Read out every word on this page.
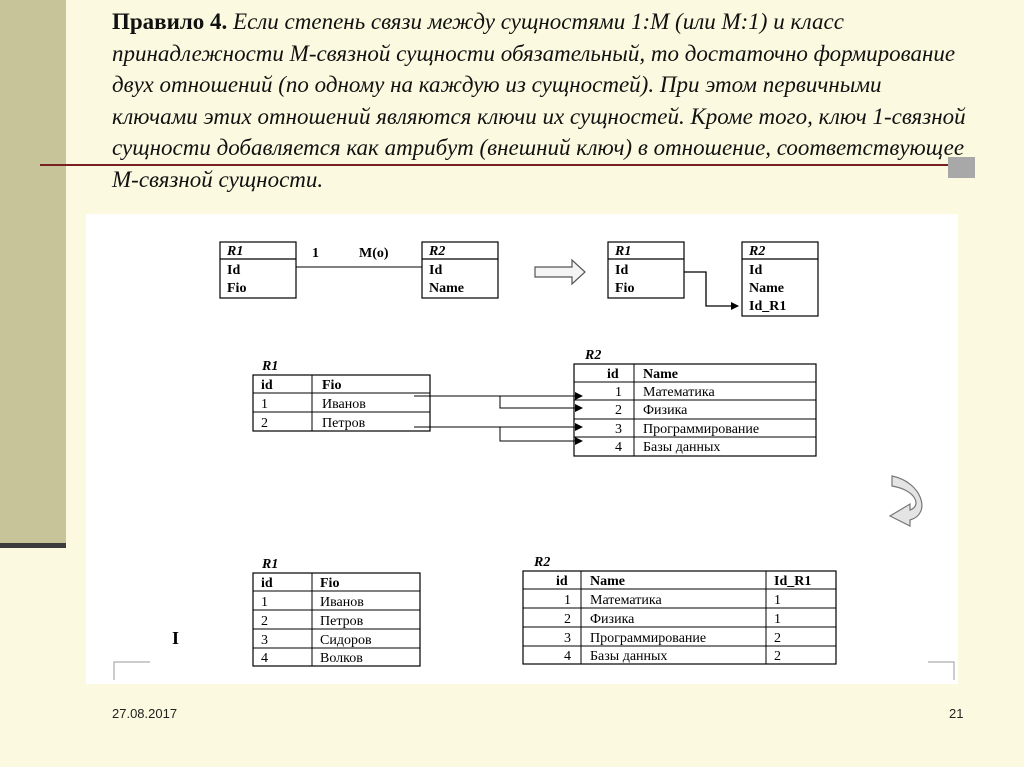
Правило 4. Если степень связи между сущностями 1:М (или М:1) и класс принадлежности М-связной сущности обязательный, то достаточно формирование двух отношений (по одному на каждую из сущностей). При этом первичными ключами этих отношений являются ключи их сущностей. Кроме того, ключ 1-связной сущности добавляется как атрибут (внешний ключ) в отношение, соответствующее М-связной сущности.
R1
Id
Fio
1	M(o)	R2
Id
Name
R1
Id
Fio
R2
Id
Name
Id_R1
R1
id	Fio
1	Иванов
2	Петров
R2
id Name
1 Математика
2 Физика
3 Программирование
4 Базы данных
R1
id	Fio
1	Иванов
2	Петров
3	Сидоров
4	Волков
I
R2
id Name	Id_R1
1 Математика	1
2 Физика	1
3 Программирование	2
4 Базы данных	2
27.08.2017	21
